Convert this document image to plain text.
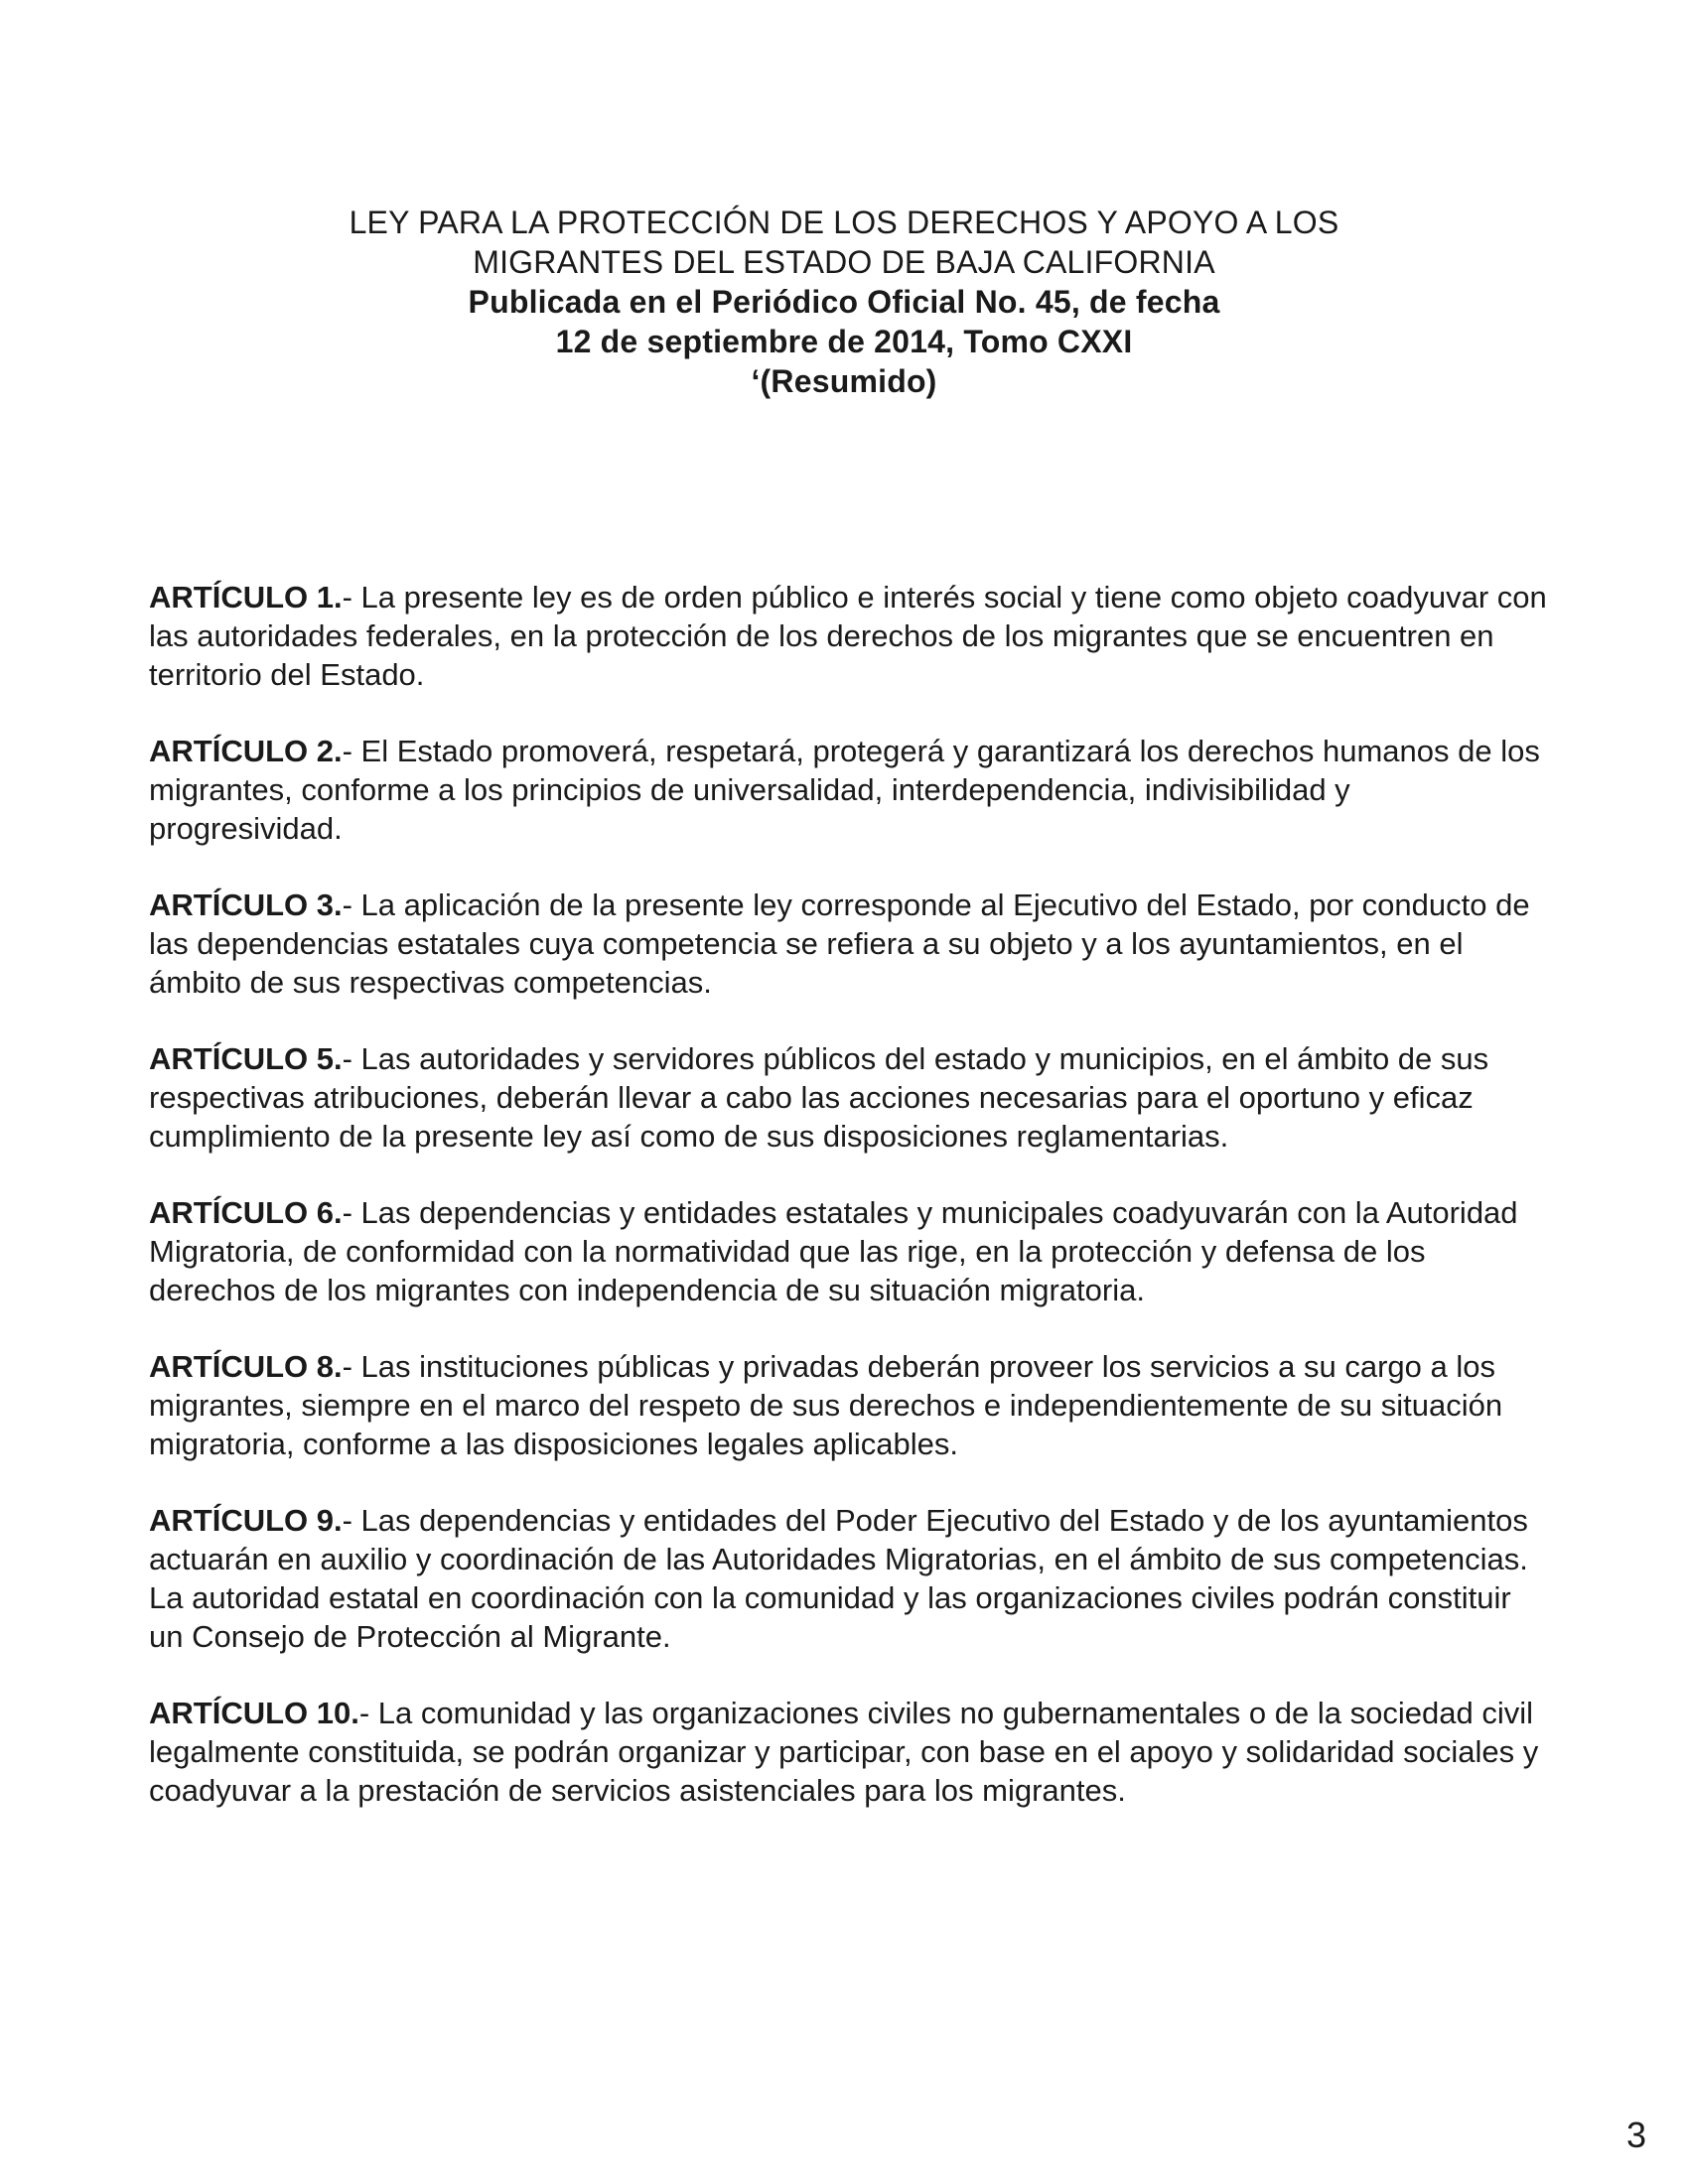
LEY PARA LA PROTECCIÓN DE LOS DERECHOS Y APOYO A LOS
MIGRANTES DEL ESTADO DE BAJA CALIFORNIA
Publicada en el Periódico Oficial No. 45, de fecha
12 de septiembre de 2014, Tomo CXXI
‘(Resumido)

ARTÍCULO 1.- La presente ley es de orden público e interés social y tiene como objeto coadyuvar con las autoridades federales, en la protección de los derechos de los migrantes que se encuentren en territorio del Estado.

ARTÍCULO 2.- El Estado promoverá, respetará, protegerá y garantizará los derechos humanos de los migrantes, conforme a los principios de universalidad, interdependencia, indivisibilidad y progresividad.

ARTÍCULO 3.- La aplicación de la presente ley corresponde al Ejecutivo del Estado, por conducto de las dependencias estatales cuya competencia se refiera a su objeto y a los ayuntamientos, en el ámbito de sus respectivas competencias.

ARTÍCULO 5.- Las autoridades y servidores públicos del estado y municipios, en el ámbito de sus respectivas atribuciones, deberán llevar a cabo las acciones necesarias para el oportuno y eficaz cumplimiento de la presente ley así como de sus disposiciones reglamentarias.

ARTÍCULO 6.- Las dependencias y entidades estatales y municipales coadyuvarán con la Autoridad Migratoria, de conformidad con la normatividad que las rige, en la protección y defensa de los derechos de los migrantes con independencia de su situación migratoria.

ARTÍCULO 8.- Las instituciones públicas y privadas deberán proveer los servicios a su cargo a los migrantes, siempre en el marco del respeto de sus derechos e independientemente de su situación migratoria, conforme a las disposiciones legales aplicables.

ARTÍCULO 9.- Las dependencias y entidades del Poder Ejecutivo del Estado y de los ayuntamientos actuarán en auxilio y coordinación de las Autoridades Migratorias, en el ámbito de sus competencias. La autoridad estatal en coordinación con la comunidad y las organizaciones civiles podrán constituir un Consejo de Protección al Migrante.

ARTÍCULO 10.- La comunidad y las organizaciones civiles no gubernamentales o de la sociedad civil legalmente constituida, se podrán organizar y participar, con base en el apoyo y solidaridad sociales y coadyuvar a la prestación de servicios asistenciales para los migrantes.

3
